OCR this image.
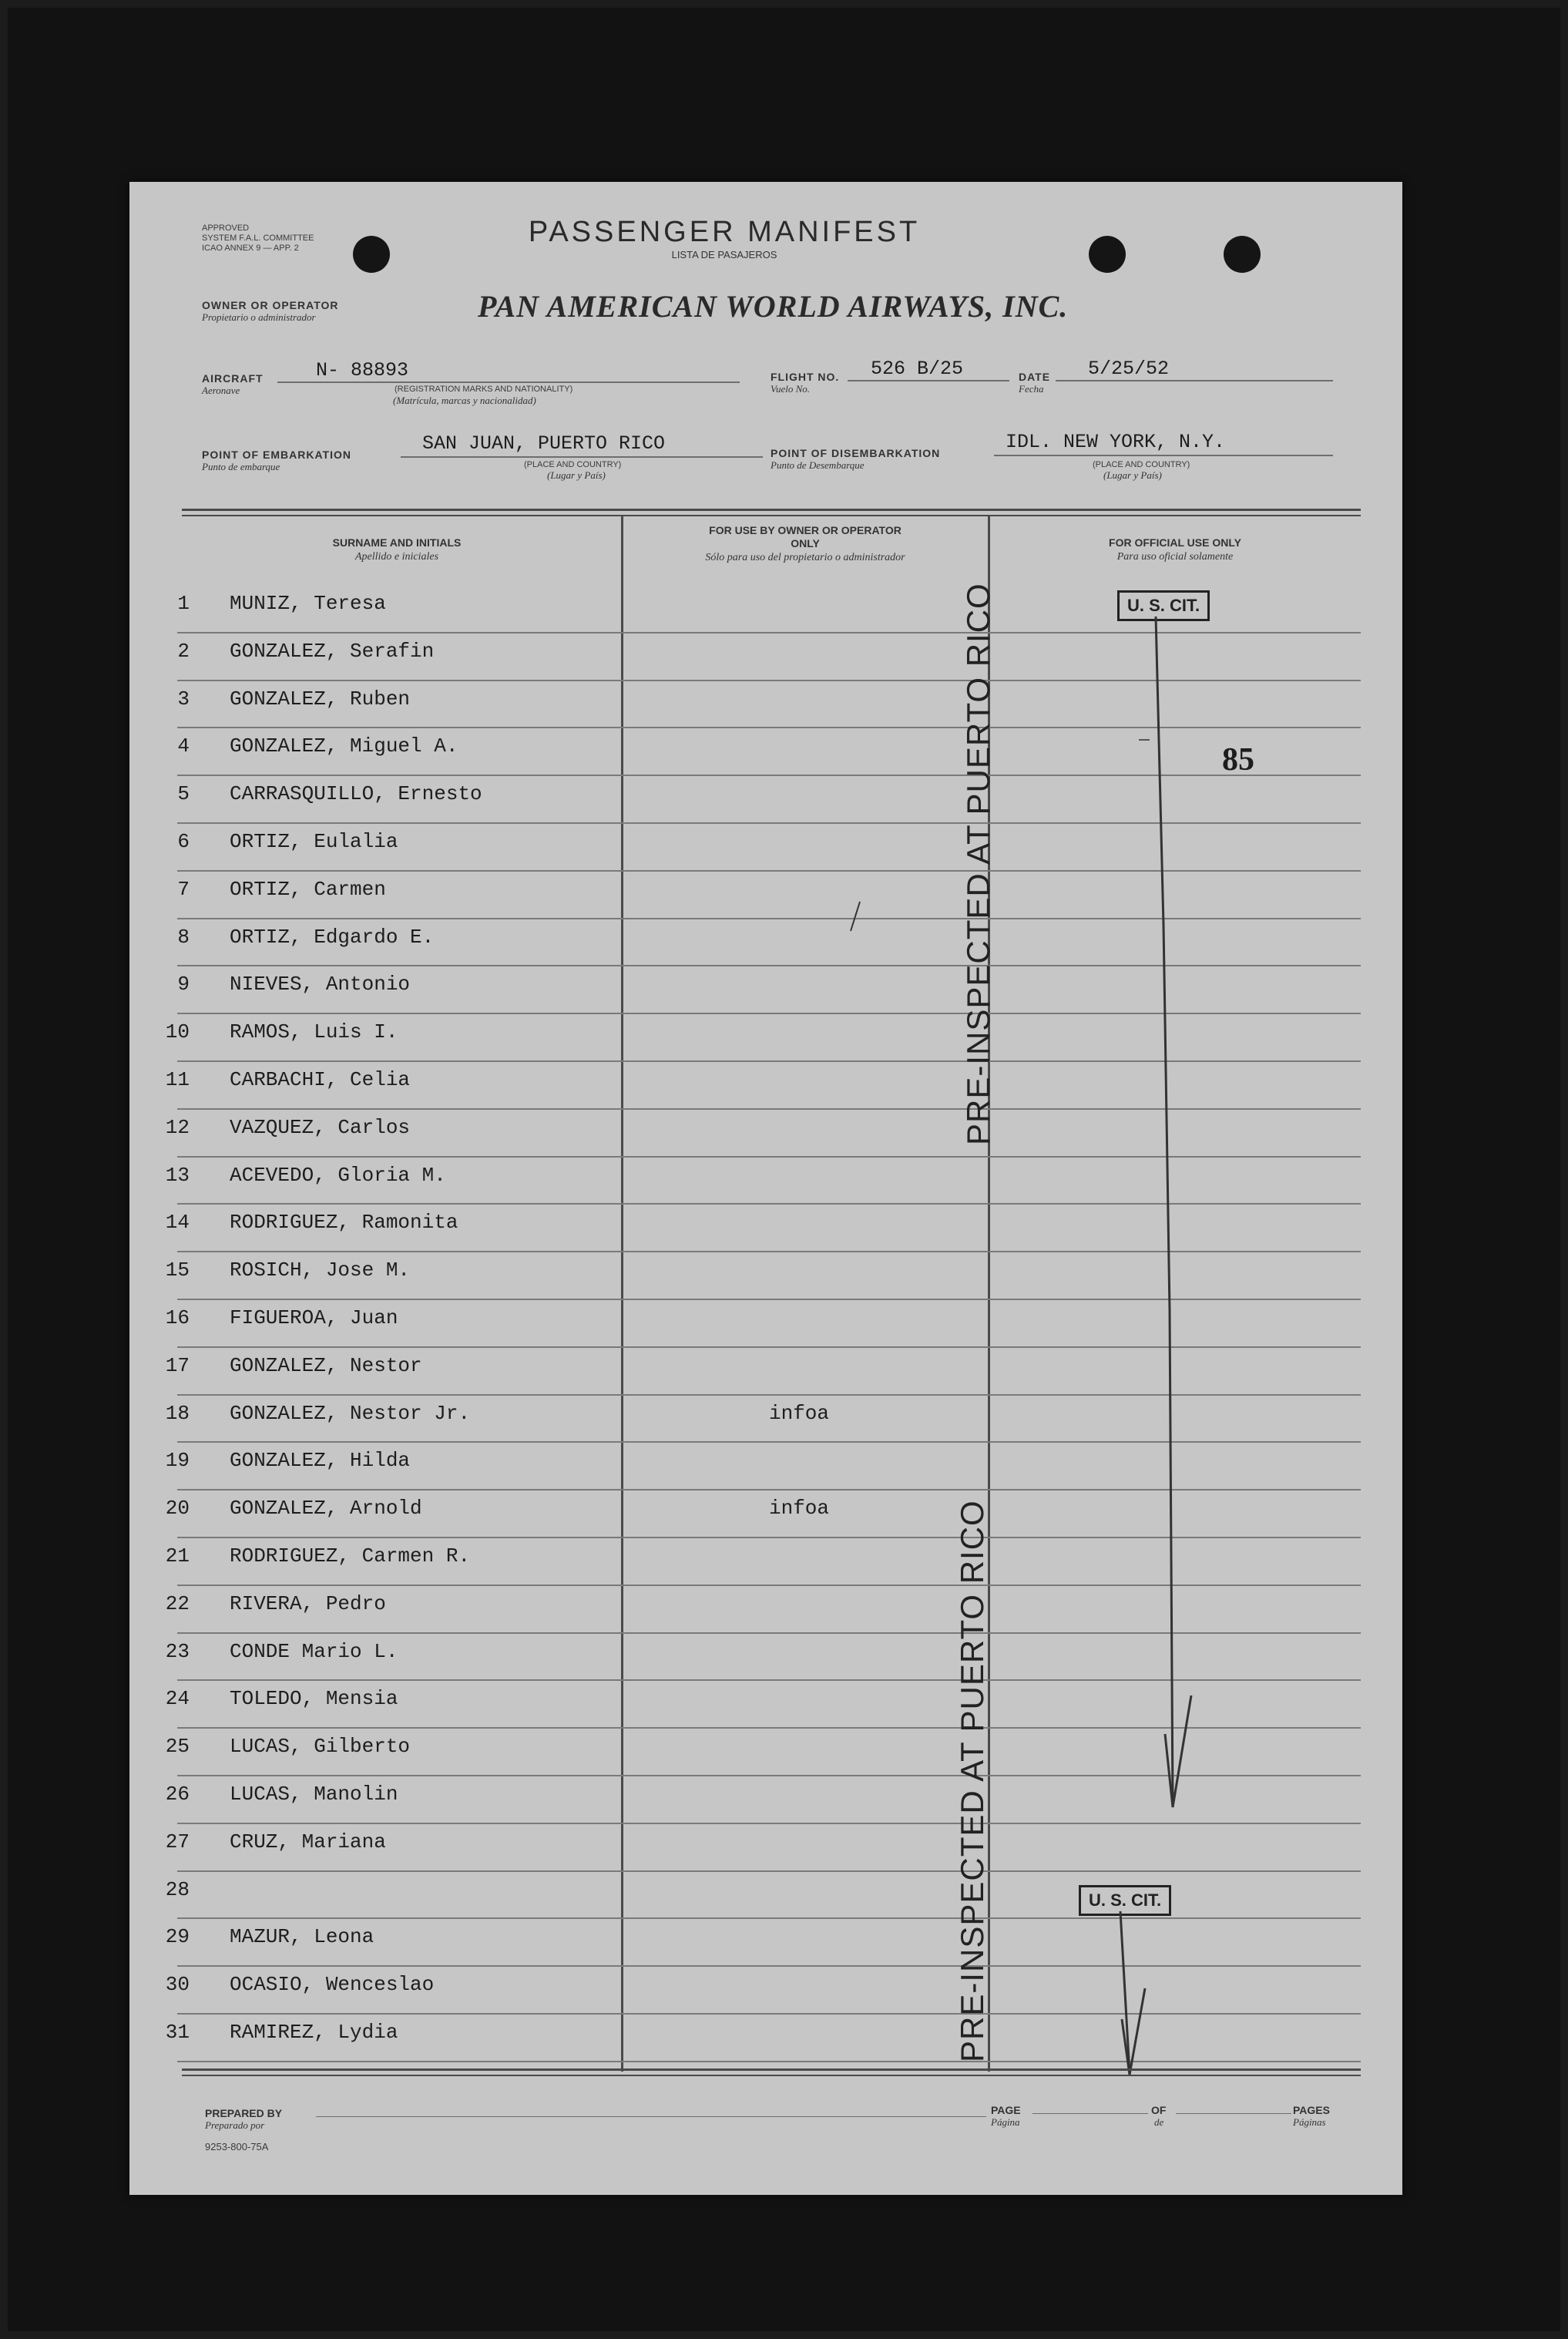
APPROVED
SYSTEM F.A.L. COMMITTEE
ICAO ANNEX 9 — APP. 2	PASSENGER MANIFEST
LISTA DE PASAJEROS
OWNER OR OPERATOR
Propietario o administrador	PAN AMERICAN WORLD AIRWAYS, INC.
AIRCRAFT
Aeronave
N- 88893
(REGISTRATION MARKS AND NATIONALITY)
(Matrícula, marcas y nacionalidad)
FLIGHT NO.
Vuelo No.
526 B/25	DATE
Fecha
5/25/52
POINT OF EMBARKATION
Punto de embarque
SAN JUAN, PUERTO RICO
(PLACE AND COUNTRY)
(Lugar y País)
POINT OF DISEMBARKATION
Punto de Desembarque
IDL. NEW YORK, N.Y.
(PLACE AND COUNTRY)
(Lugar y País)
SURNAME AND INITIALS
Apellido e iniciales
FOR USE BY OWNER OR OPERATOR ONLY
Sólo para uso del propietario o administrador
FOR OFFICIAL USE ONLY
Para uso oficial solamente
1 MUNIZ, Teresa
2 GONZALEZ, Serafin
3 GONZALEZ, Ruben
4 GONZALEZ, Miguel A.
5 CARRASQUILLO, Ernesto
6 ORTIZ, Eulalia
7 ORTIZ, Carmen
8 ORTIZ, Edgardo E.
9 NIEVES, Antonio
10 RAMOS, Luis I.
11 CARBACHI, Celia
12 VAZQUEZ, Carlos
13 ACEVEDO, Gloria M.
14 RODRIGUEZ, Ramonita
15 ROSICH, Jose M.
16 FIGUEROA, Juan
17 GONZALEZ, Nestor
18 GONZALEZ, Nestor Jr.	infoa
19 GONZALEZ, Hilda
20 GONZALEZ, Arnold	infoa
21 RODRIGUEZ, Carmen R.
22 RIVERA, Pedro
23 CONDE Mario L.
24 TOLEDO, Mensia
25 LUCAS, Gilberto
26 LUCAS, Manolin
27 CRUZ, Mariana
28
29 MAZUR, Leona
30 OCASIO, Wenceslao
31 RAMIREZ, Lydia
PRE-INSPECTED AT PUERTO RICO
PRE-INSPECTED AT PUERTO RICO
U. S. CIT.
U. S. CIT.
85
PREPARED BY
Preparado por
PAGE
Página
OF
de
PAGES
Páginas
9253-800-75A
